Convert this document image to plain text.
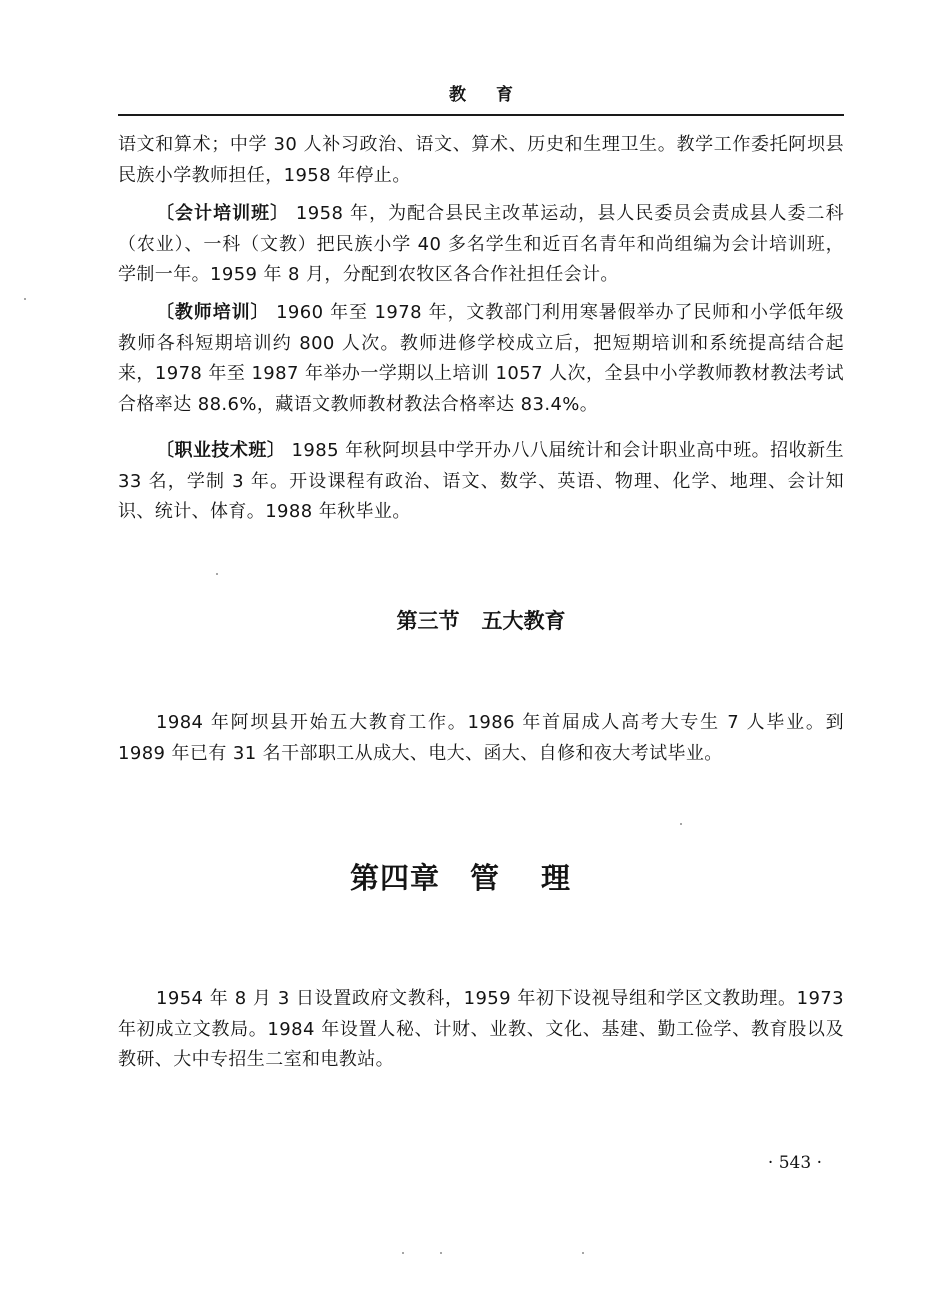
教育

语文和算术；中学 30 人补习政治、语文、算术、历史和生理卫生。教学工作委托阿坝县民族小学教师担任，1958 年停止。

〔会计培训班〕 1958 年，为配合县民主改革运动，县人民委员会责成县人委二科（农业）、一科（文教）把民族小学 40 多名学生和近百名青年和尚组编为会计培训班，学制一年。1959 年 8 月，分配到农牧区各合作社担任会计。

〔教师培训〕 1960 年至 1978 年，文教部门利用寒暑假举办了民师和小学低年级教师各科短期培训约 800 人次。教师进修学校成立后，把短期培训和系统提高结合起来，1978 年至 1987 年举办一学期以上培训 1057 人次，全县中小学教师教材教法考试合格率达 88.6%，藏语文教师教材教法合格率达 83.4%。

〔职业技术班〕 1985 年秋阿坝县中学开办八八届统计和会计职业高中班。招收新生 33 名，学制 3 年。开设课程有政治、语文、数学、英语、物理、化学、地理、会计知识、统计、体育。1988 年秋毕业。

第三节 五大教育

1984 年阿坝县开始五大教育工作。1986 年首届成人高考大专生 7 人毕业。到 1989 年已有 31 名干部职工从成大、电大、函大、自修和夜大考试毕业。

第四章 管理

1954 年 8 月 3 日设置政府文教科，1959 年初下设视导组和学区文教助理。1973 年初成立文教局。1984 年设置人秘、计财、业教、文化、基建、勤工俭学、教育股以及教研、大中专招生二室和电教站。

· 543 ·
